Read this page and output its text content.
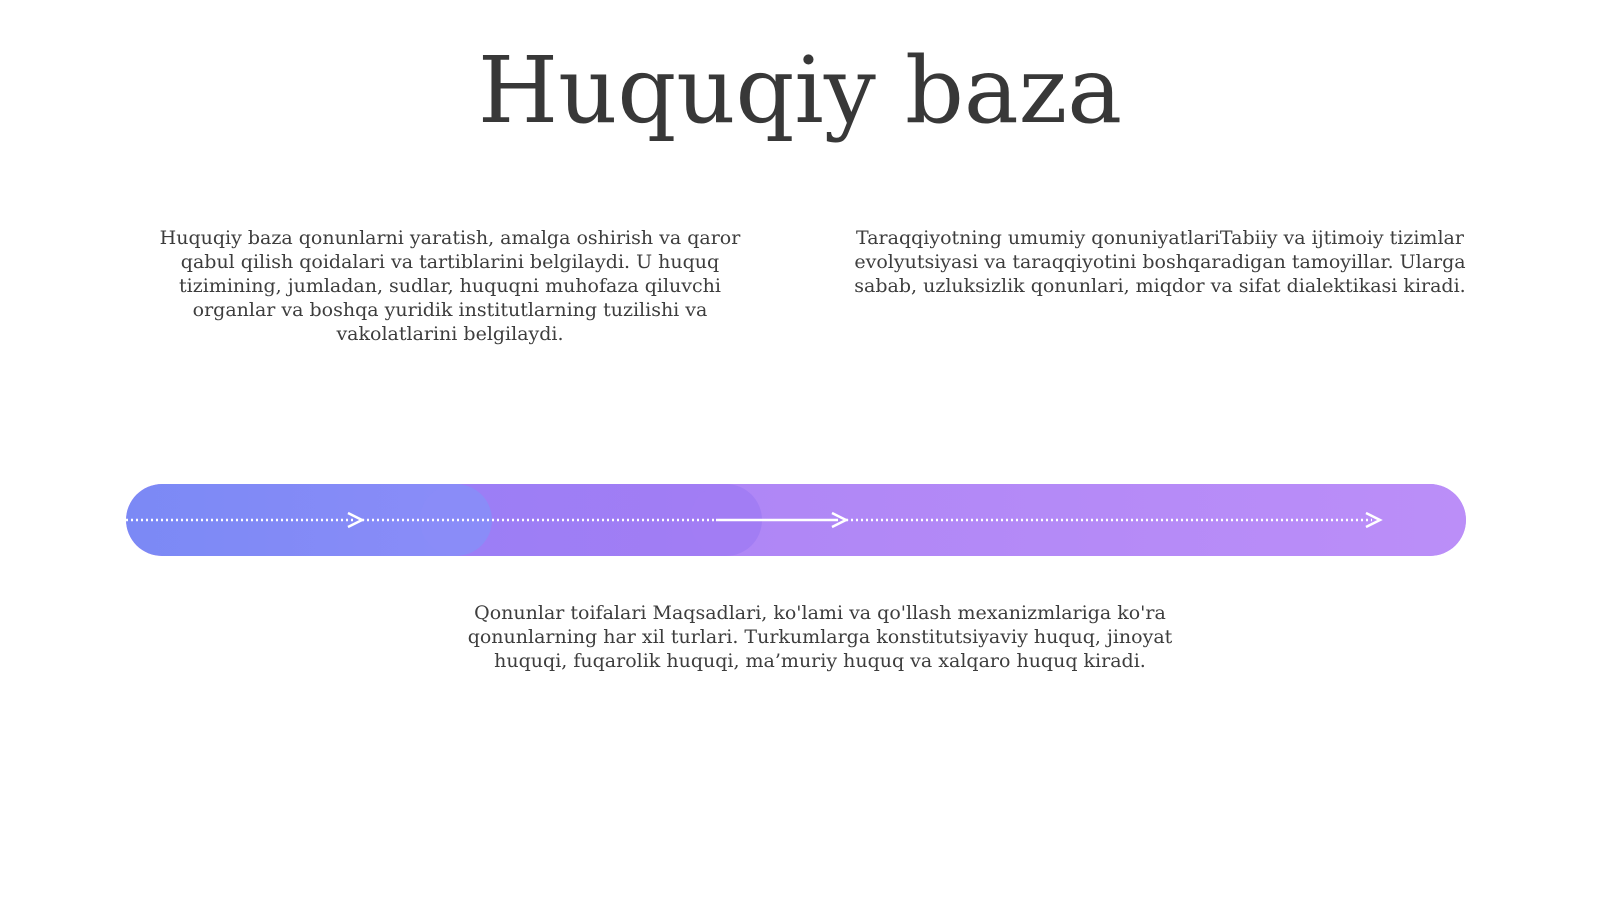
Huquqiy baza

Huquqiy baza qonunlarni yaratish, amalga oshirish va qaror qabul qilish qoidalari va tartiblarini belgilaydi. U huquq tizimining, jumladan, sudlar, huquqni muhofaza qiluvchi organlar va boshqa yuridik institutlarning tuzilishi va vakolatlarini belgilaydi.

Taraqqiyotning umumiy qonuniyatlariTabiiy va ijtimoiy tizimlar evolyutsiyasi va taraqqiyotini boshqaradigan tamoyillar. Ularga sabab, uzluksizlik qonunlari, miqdor va sifat dialektikasi kiradi.

Qonunlar toifalari Maqsadlari, ko'lami va qo'llash mexanizmlariga ko'ra qonunlarning har xil turlari. Turkumlarga konstitutsiyaviy huquq, jinoyat huquqi, fuqarolik huquqi, ma’muriy huquq va xalqaro huquq kiradi.
